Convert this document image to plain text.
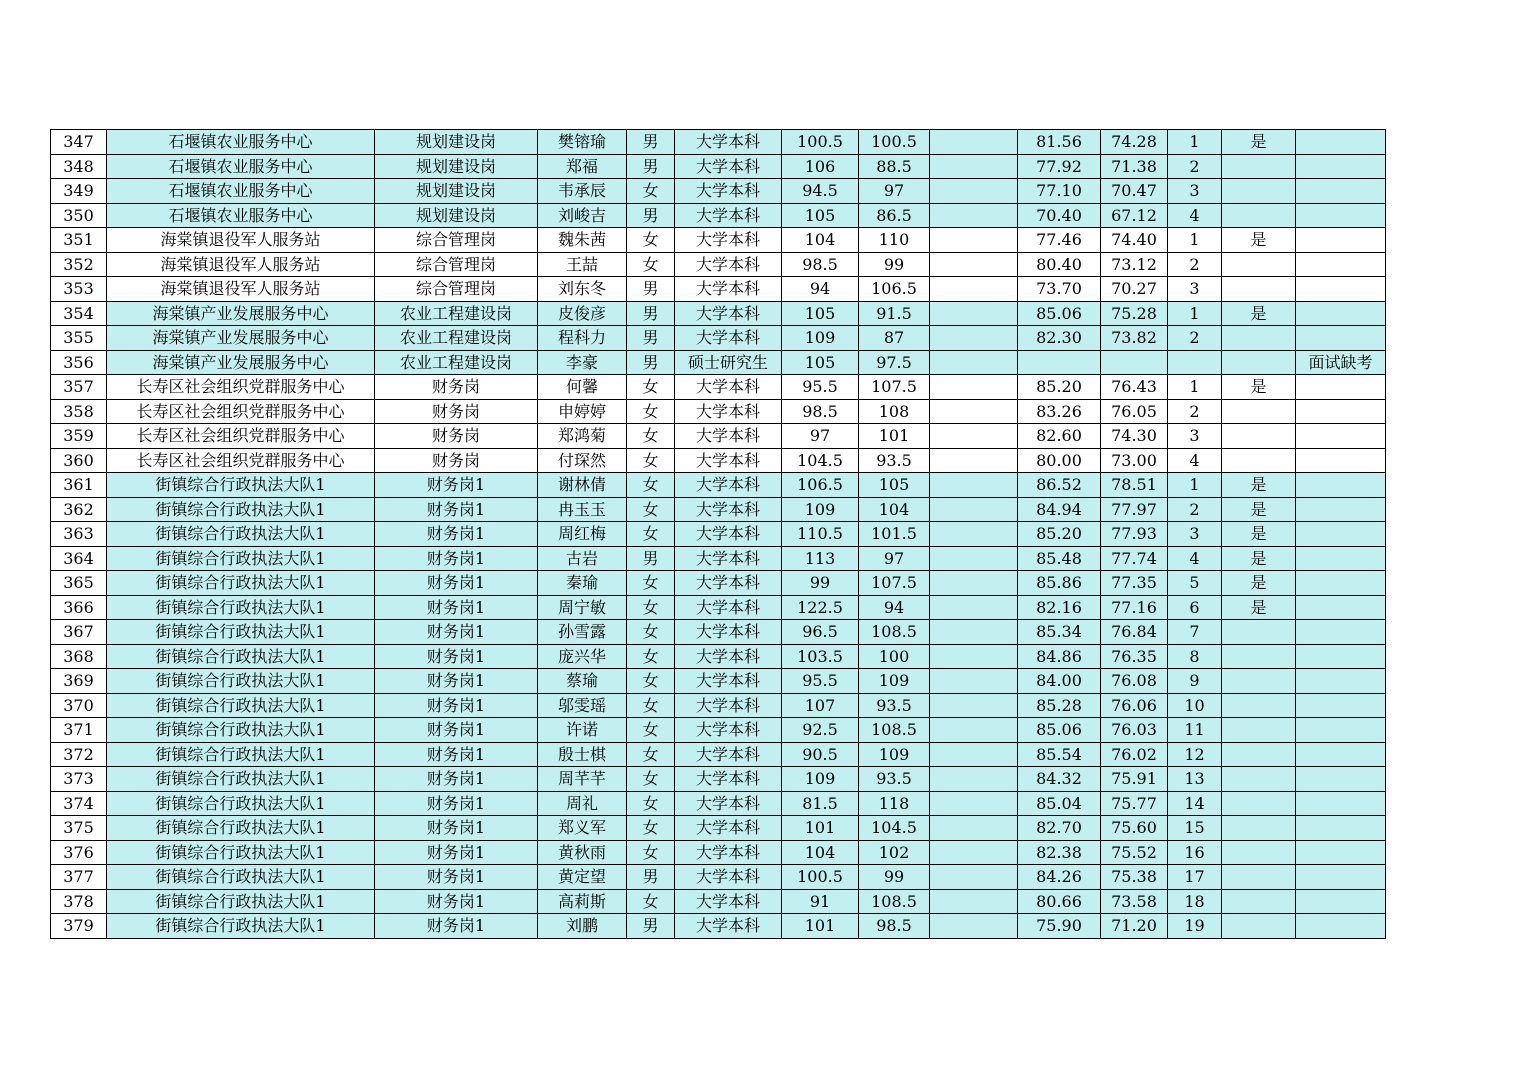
347	石堰镇农业服务中心	规划建设岗	樊镕瑜	男	大学本科	100.5	100.5		81.56	74.28	1	是	
348	石堰镇农业服务中心	规划建设岗	郑福	男	大学本科	106	88.5		77.92	71.38	2		
349	石堰镇农业服务中心	规划建设岗	韦承辰	女	大学本科	94.5	97		77.10	70.47	3		
350	石堰镇农业服务中心	规划建设岗	刘峻吉	男	大学本科	105	86.5		70.40	67.12	4		
351	海棠镇退役军人服务站	综合管理岗	魏朱茜	女	大学本科	104	110		77.46	74.40	1	是	
352	海棠镇退役军人服务站	综合管理岗	王喆	女	大学本科	98.5	99		80.40	73.12	2		
353	海棠镇退役军人服务站	综合管理岗	刘东冬	男	大学本科	94	106.5		73.70	70.27	3		
354	海棠镇产业发展服务中心	农业工程建设岗	皮俊彦	男	大学本科	105	91.5		85.06	75.28	1	是	
355	海棠镇产业发展服务中心	农业工程建设岗	程科力	男	大学本科	109	87		82.30	73.82	2		
356	海棠镇产业发展服务中心	农业工程建设岗	李豪	男	硕士研究生	105	97.5						面试缺考
357	长寿区社会组织党群服务中心	财务岗	何馨	女	大学本科	95.5	107.5		85.20	76.43	1	是	
358	长寿区社会组织党群服务中心	财务岗	申婷婷	女	大学本科	98.5	108		83.26	76.05	2		
359	长寿区社会组织党群服务中心	财务岗	郑鸿菊	女	大学本科	97	101		82.60	74.30	3		
360	长寿区社会组织党群服务中心	财务岗	付琛然	女	大学本科	104.5	93.5		80.00	73.00	4		
361	街镇综合行政执法大队1	财务岗1	谢林倩	女	大学本科	106.5	105		86.52	78.51	1	是	
362	街镇综合行政执法大队1	财务岗1	冉玉玉	女	大学本科	109	104		84.94	77.97	2	是	
363	街镇综合行政执法大队1	财务岗1	周红梅	女	大学本科	110.5	101.5		85.20	77.93	3	是	
364	街镇综合行政执法大队1	财务岗1	古岩	男	大学本科	113	97		85.48	77.74	4	是	
365	街镇综合行政执法大队1	财务岗1	秦瑜	女	大学本科	99	107.5		85.86	77.35	5	是	
366	街镇综合行政执法大队1	财务岗1	周宁敏	女	大学本科	122.5	94		82.16	77.16	6	是	
367	街镇综合行政执法大队1	财务岗1	孙雪露	女	大学本科	96.5	108.5		85.34	76.84	7		
368	街镇综合行政执法大队1	财务岗1	庞兴华	女	大学本科	103.5	100		84.86	76.35	8		
369	街镇综合行政执法大队1	财务岗1	蔡瑜	女	大学本科	95.5	109		84.00	76.08	9		
370	街镇综合行政执法大队1	财务岗1	邬雯瑶	女	大学本科	107	93.5		85.28	76.06	10		
371	街镇综合行政执法大队1	财务岗1	许诺	女	大学本科	92.5	108.5		85.06	76.03	11		
372	街镇综合行政执法大队1	财务岗1	殷士棋	女	大学本科	90.5	109		85.54	76.02	12		
373	街镇综合行政执法大队1	财务岗1	周芊芊	女	大学本科	109	93.5		84.32	75.91	13		
374	街镇综合行政执法大队1	财务岗1	周礼	女	大学本科	81.5	118		85.04	75.77	14		
375	街镇综合行政执法大队1	财务岗1	郑义军	女	大学本科	101	104.5		82.70	75.60	15		
376	街镇综合行政执法大队1	财务岗1	黄秋雨	女	大学本科	104	102		82.38	75.52	16		
377	街镇综合行政执法大队1	财务岗1	黄定望	男	大学本科	100.5	99		84.26	75.38	17		
378	街镇综合行政执法大队1	财务岗1	高莉斯	女	大学本科	91	108.5		80.66	73.58	18		
379	街镇综合行政执法大队1	财务岗1	刘鹏	男	大学本科	101	98.5		75.90	71.20	19		
